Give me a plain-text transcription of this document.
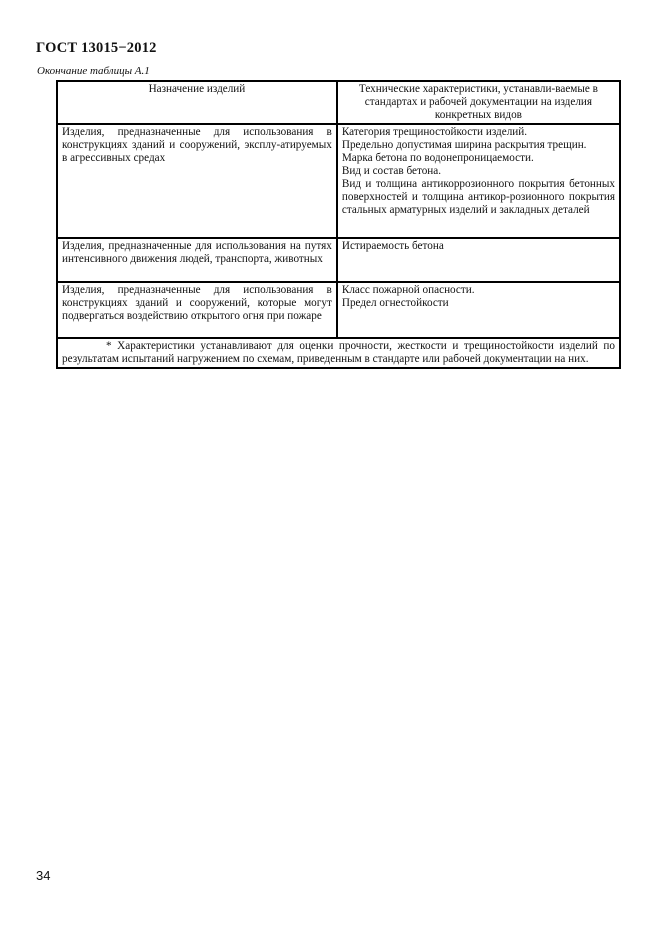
ГОСТ 13015−2012
Окончание таблицы А.1
Назначение изделий	Технические характеристики, устанавли-ваемые в стандартах и рабочей документации на изделия конкретных видов
Изделия, предназначенные для использования в конструкциях зданий и сооружений, эксплу-атируемых в агрессивных средах	Категория трещиностойкости изделий.
Предельно допустимая ширина раскрытия трещин.
Марка бетона по водонепроницаемости.
Вид и состав бетона.
Вид и толщина антикоррозионного покрытия бетонных поверхностей и толщина антикор-розионного покрытия стальных арматурных изделий и закладных деталей

Изделия, предназначенные для использования на путях интенсивного движения людей, транспорта, животных	Истираемость бетона

Изделия, предназначенные для использования в конструкциях зданий и сооружений, которые могут подвергаться воздействию открытого огня при пожаре	Класс пожарной опасности.
Предел огнестойкости

* Характеристики устанавливают для оценки прочности, жесткости и трещиностойкости изделий по результатам испытаний нагружением по схемам, приведенным в стандарте или рабочей документации на них.	
34
